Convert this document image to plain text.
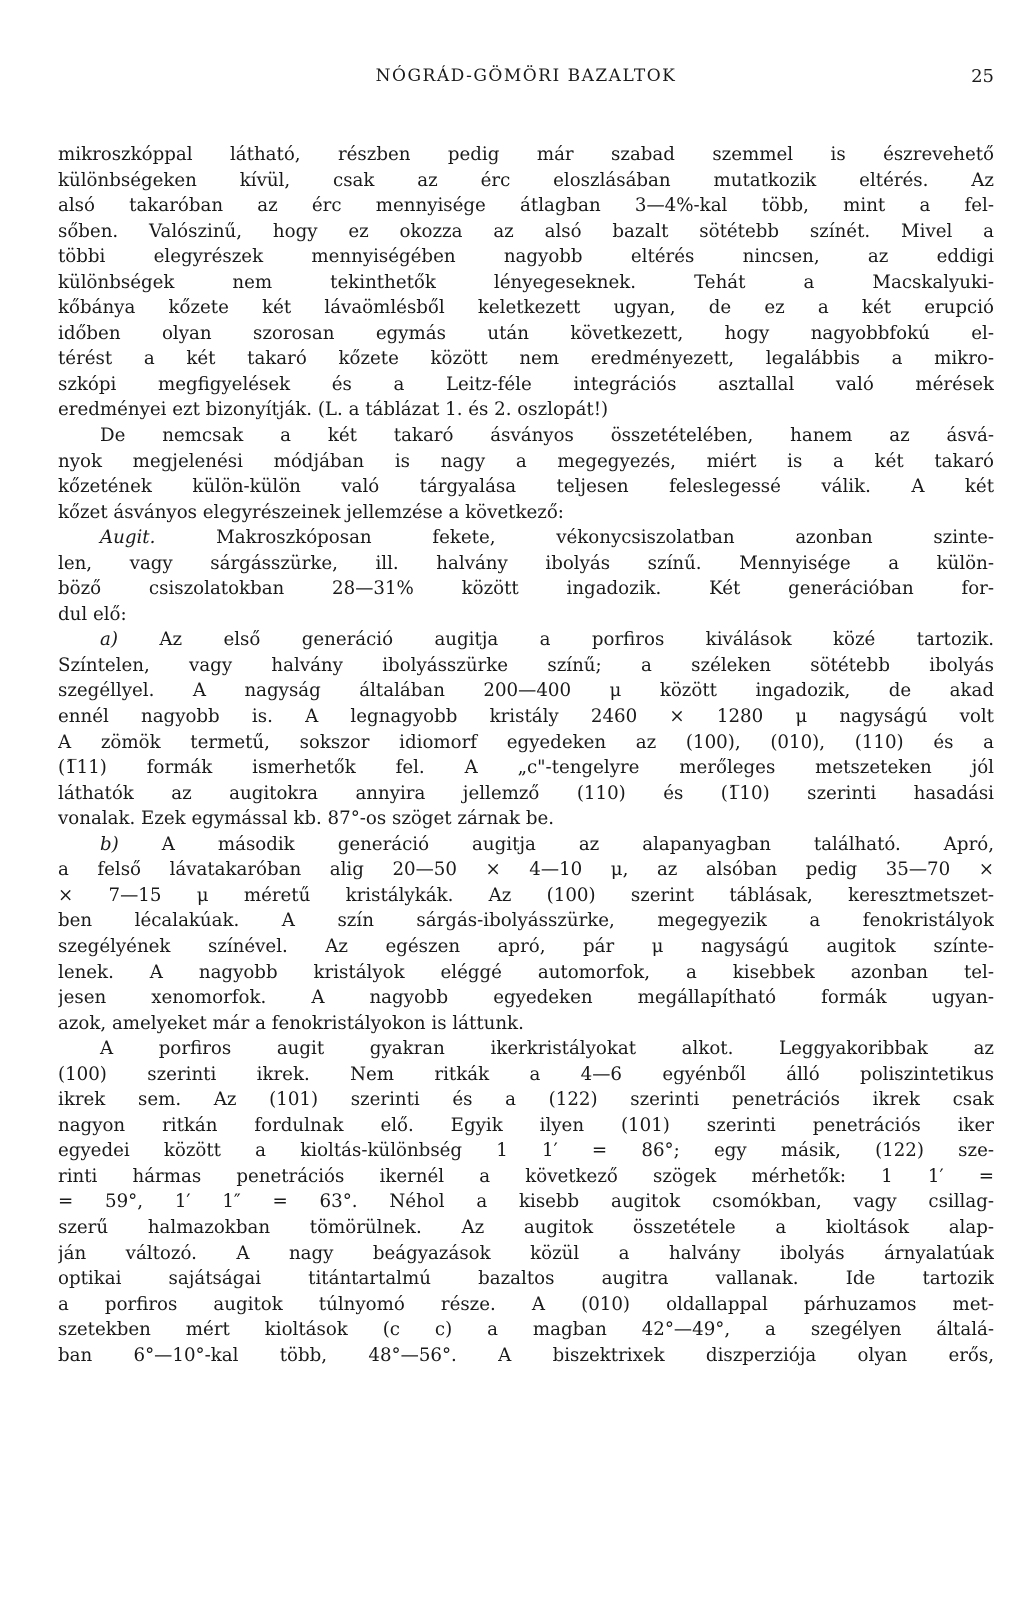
NÓGRÁD-GÖMÖRI BAZALTOK	25
mikroszkóppal látható, részben pedig már szabad szemmel is észrevehető
különbségeken kívül, csak az érc eloszlásában mutatkozik eltérés. Az
alsó takaróban az érc mennyisége átlagban 3—4%-kal több, mint a fel-
sőben. Valószinű, hogy ez okozza az alsó bazalt sötétebb színét. Mivel a
többi elegyrészek mennyiségében nagyobb eltérés nincsen, az eddigi
különbségek nem tekinthetők lényegeseknek. Tehát a Macskalyuki-
kőbánya kőzete két lávaömlésből keletkezett ugyan, de ez a két erupció
időben olyan szorosan egymás után következett, hogy nagyobbfokú el-
térést a két takaró kőzete között nem eredményezett, legalábbis a mikro-
szkópi megfigyelések és a Leitz-féle integrációs asztallal való mérések
eredményei ezt bizonyítják. (L. a táblázat 1. és 2. oszlopát!)
De nemcsak a két takaró ásványos összetételében, hanem az ásvá-
nyok megjelenési módjában is nagy a megegyezés, miért is a két takaró
kőzetének külön-külön való tárgyalása teljesen feleslegessé válik. A két
kőzet ásványos elegyrészeinek jellemzése a következő:
Augit. Makroszkóposan fekete, vékonycsiszolatban azonban szinte-
len, vagy sárgásszürke, ill. halvány ibolyás színű. Mennyisége a külön-
böző csiszolatokban 28—31% között ingadozik. Két generációban for-
dul elő:
a) Az első generáció augitja a porfiros kiválások közé tartozik.
Színtelen, vagy halvány ibolyásszürke színű; a széleken sötétebb ibolyás
szegéllyel. A nagyság általában 200—400 μ között ingadozik, de akad
ennél nagyobb is. A legnagyobb kristály 2460 × 1280 μ nagyságú volt
A zömök termetű, sokszor idiomorf egyedeken az (100), (010), (110) és a
(1̅11) formák ismerhetők fel. A „c"-tengelyre merőleges metszeteken jól
láthatók az augitokra annyira jellemző (110) és (1̅10) szerinti hasadási
vonalak. Ezek egymással kb. 87°-os szöget zárnak be.
b) A második generáció augitja az alapanyagban található. Apró,
a felső lávatakaróban alig 20—50 × 4—10 μ, az alsóban pedig 35—70 ×
× 7—15 μ méretű kristálykák. Az (100) szerint táblásak, keresztmetszet-
ben lécalakúak. A szín sárgás-ibolyásszürke, megegyezik a fenokristályok
szegélyének színével. Az egészen apró, pár μ nagyságú augitok színte-
lenek. A nagyobb kristályok eléggé automorfok, a kisebbek azonban tel-
jesen xenomorfok. A nagyobb egyedeken megállapítható formák ugyan-
azok, amelyeket már a fenokristályokon is láttunk.
A porfiros augit gyakran ikerkristályokat alkot. Leggyakoribbak az
(100) szerinti ikrek. Nem ritkák a 4—6 egyénből álló poliszintetikus
ikrek sem. Az (101) szerinti és a (122) szerinti penetrációs ikrek csak
nagyon ritkán fordulnak elő. Egyik ilyen (101) szerinti penetrációs iker
egyedei között a kioltás-különbség 1 1′ = 86°; egy másik, (122) sze-
rinti hármas penetrációs ikernél a következő szögek mérhetők: 1 1′ =
= 59°, 1′ 1″ = 63°. Néhol a kisebb augitok csomókban, vagy csillag-
szerű halmazokban tömörülnek. Az augitok összetétele a kioltások alap-
ján változó. A nagy beágyazások közül a halvány ibolyás árnyalatúak
optikai sajátságai titántartalmú bazaltos augitra vallanak. Ide tartozik
a porfiros augitok túlnyomó része. A (010) oldallappal párhuzamos met-
szetekben mért kioltások (c c) a magban 42°—49°, a szegélyen általá-
ban 6°—10°-kal több, 48°—56°. A biszektrixek diszperziója olyan erős,
